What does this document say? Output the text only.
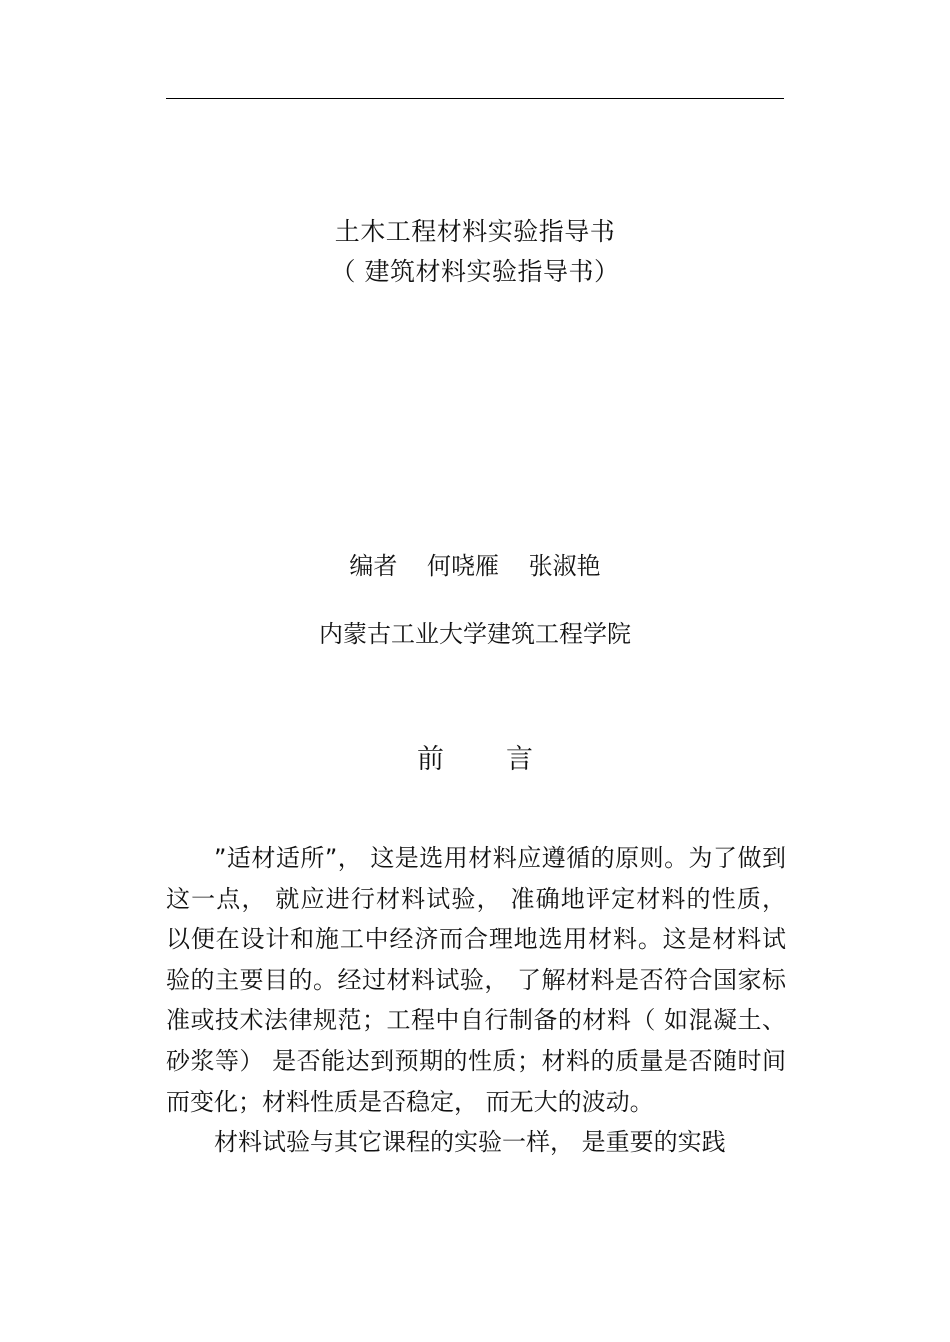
土木工程材料实验指导书
（ 建筑材料实验指导书）
编者 何哓雁 张淑艳
内蒙古工业大学建筑工程学院
前言

”适材适所”， 这是选用材料应遵循的原则。为了做到这一点， 就应进行材料试验， 准确地评定材料的性质， 以便在设计和施工中经济而合理地选用材料。这是材料试验的主要目的。经过材料试验， 了解材料是否符合国家标准或技术法律规范；工程中自行制备的材料（ 如混凝土、 砂浆等） 是否能达到预期的性质；材料的质量是否随时间而变化；材料性质是否稳定， 而无大的波动。

材料试验与其它课程的实验一样， 是重要的实践
